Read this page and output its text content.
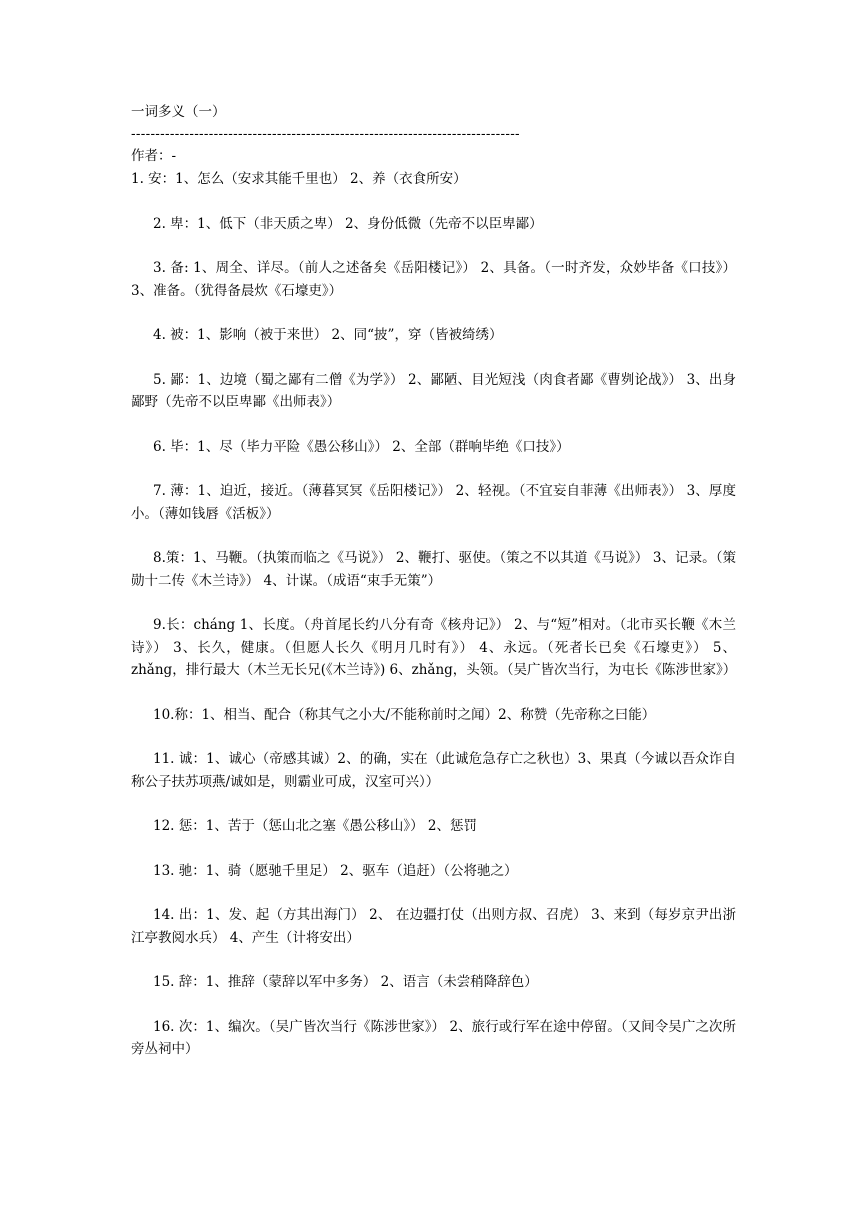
一词多义（一）
--------------------------------------------------------------------------------
作者：-

1. 安：1、怎么（安求其能千里也） 2、养（衣食所安）

2. 卑：1、低下（非天质之卑） 2、身份低微（先帝不以臣卑鄙）

3. 备: 1、周全、详尽。（前人之述备矣《岳阳楼记》） 2、具备。（一时齐发，众妙毕备《口技》） 3、准备。（犹得备晨炊《石壕吏》）

4. 被：1、影响（被于来世） 2、同“披”，穿（皆被绮绣）

5. 鄙：1、边境（蜀之鄙有二僧《为学》） 2、鄙陋、目光短浅（肉食者鄙《曹刿论战》） 3、出身鄙野（先帝不以臣卑鄙《出师表》）

6. 毕：1、尽（毕力平险《愚公移山》） 2、全部（群响毕绝《口技》）

7. 薄：1、迫近，接近。（薄暮冥冥《岳阳楼记》） 2、轻视。（不宜妄自菲薄《出师表》） 3、厚度小。（薄如钱唇《活板》）

8.策：1、马鞭。（执策而临之《马说》） 2、鞭打、驱使。（策之不以其道《马说》） 3、记录。（策勋十二传《木兰诗》） 4、计谋。（成语“束手无策”）

9.长：cháng 1、长度。（舟首尾长约八分有奇《核舟记》） 2、与“短”相对。（北市买长鞭《木兰诗》） 3、长久，健康。（但愿人长久《明月几时有》） 4、永远。（死者长已矣《石壕吏》） 5、zhǎng，排行最大（木兰无长兄(《木兰诗》) 6、zhǎng，头领。（吴广皆次当行，为屯长《陈涉世家》）

10.称：1、相当、配合（称其气之小大/不能称前时之闻）2、称赞（先帝称之曰能）

11. 诚：1、诚心（帝感其诚）2、的确，实在（此诚危急存亡之秋也）3、果真（今诚以吾众诈自称公子扶苏项燕/诚如是，则霸业可成，汉室可兴））

12. 惩：1、苦于（惩山北之塞《愚公移山》） 2、惩罚

13. 驰：1、骑（愿驰千里足） 2、驱车（追赶）（公将驰之）

14. 出：1、发、起（方其出海门） 2、 在边疆打仗（出则方叔、召虎） 3、来到（每岁京尹出浙江亭教阅水兵） 4、产生（计将安出）

15. 辞：1、推辞（蒙辞以军中多务） 2、语言（未尝稍降辞色）

16. 次：1、编次。（吴广皆次当行《陈涉世家》） 2、旅行或行军在途中停留。（又间令吴广之次所旁丛祠中）
